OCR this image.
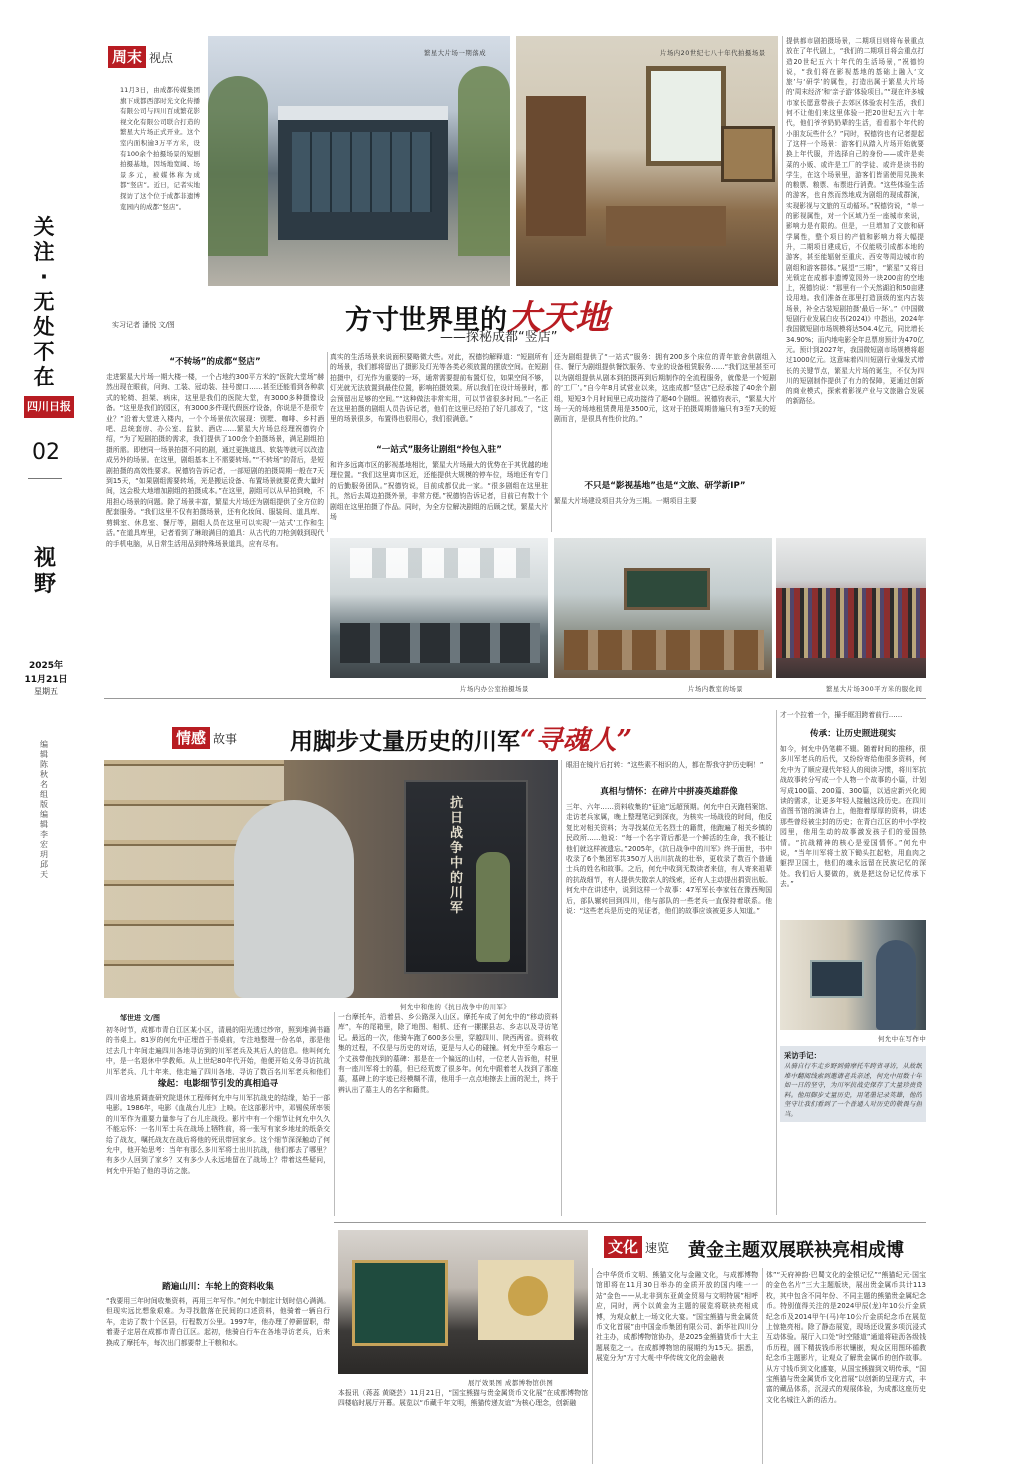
关注·无处不在
四川日报
02
视野
2025年
11月21日
星期五
编辑 陈秋名 组版编辑 李宏玥 邱天
周末 视点
11月3日，由成都传媒集团旗下成都西部时光文化传播有限公司与四川百成繁花影视文化有限公司联合打造的繁星大片场正式开业。这个室内面积逾3万平方米，设有100余个拍摄场景的短剧拍摄基地，因场地宽阔、场景多元，被媒体称为成都“竖店”。近日，记者实地探访了这个位于成都非遗博览园内的成都“竖店”。
实习记者 潘悦 文/图
繁星大片场一期落成	片场内20世纪七八十年代拍摄场景
方寸世界里的大天地
——探秘成都“竖店”
提供都市剧拍摄场景，二期项目则将布景重点放在了年代剧上，“我们的二期项目将会重点打造20世纪五六十年代的生活场景，”祝德钧说，“我们将在影视基地的基础上融入‘文旅’与‘研学’的属性，打造出属于繁星大片场的‘周末经济’和‘亲子游’体验项目。”“现在许多城市家长愿意带孩子去郊区体验农村生活，我们何不让他们来这里体验一把20世纪五六十年代，他们爷爷奶奶辈的生活，看看那个年代的小朋友玩些什么？”同时，祝德钧也有记者提起了这样一个场景：游客们从踏入片场开始就要换上年代服，并选择自己的身份——或许是卖菜的小贩、或许是工厂的学徒、或许是读书的学生，在这个场景里，游客们皆需使用兑换来的粮票、粮票、布票进行消费。“这些体验生活的游客，也自然而然地成为剧组的现成群演，实现影视与文旅的互动循环。”祝德钧说，“单一的影视属性，对一个区域乃至一座城市来说，影响力是有限的。但是，一旦增加了文旅和研学属性，整个项目的产值和影响力将大幅提升，二期项目建成后，不仅能吸引成都本地的游客，甚至能辐射至重庆、西安等周边城市的剧组和游客群体。”展望“三期”，“繁星”又将目光锁定在成都非遗博览园外一块200亩的空地上，祝德钧说：“那里有一个天然湖泊和50亩建设用地。我们准备在那里打造顶级的室内古装场景，补全古装短剧拍摄‘最后一环’。”《中国微短剧行业发展白皮书(2024)》中指出，2024年我国微短剧市场规模将达504.4亿元，同比增长34.90%；而内地电影全年总票房预计为470亿元。预计到2027年，我国微短剧市场规模将超过1000亿元。这意味着四川短剧行业爆发式增长的关键节点，繁星大片场的诞生，不仅为四川的短剧制作提供了有力的保障，更通过创新的商业模式，探索着影视产业与文旅融合发展的新路径。
“不转场”的成都“竖店”
走进繁星大片场一期大楼一楼，一个占地约300平方米的“医院大堂场”赫然出现在眼前，问询、工装、冠动装、挂号窗口……甚至还能看到各种款式的轮椅、担架、病床，这里是我们的医院大堂，有3000多种摄像设备。“这里是我们的园区，有3000多件现代假医疗设备，你说是不是很专业？”沿着大堂进入楼内，一个个场景依次展现：别墅、咖啡、乡村酒吧、总统套房、办公室、监狱、酒店……繁星大片场总经理祝德钧介绍，“为了短剧拍摄的需求，我们提供了100余个拍摄场景，满足剧组拍摄所需。即使同一场景拍摄不同的剧，通过更换道具、软装等就可以改造成另外的场景。在这里，剧组基本上不需要转场。”“不转场”的背后，是短剧拍摄的高效性要求。祝德钧告诉记者，一部短剧的拍摄周期一般在7天到15天，“如果剧组需要转场，光是搬运设备、布置场景就要花费大量时间，这会极大地增加剧组的拍摄成本。”在这里，剧组可以从早拍到晚，不用担心场景的问题。除了场景丰富，繁星大片场还为剧组提供了全方位的配套服务。“我们这里不仅有拍摄场景，还有化妆间、服装间、道具库、剪辑室、休息室、餐厅等，剧组人员在这里可以实现‘一站式’工作和生活。”在道具库里，记者看到了琳琅满目的道具：从古代的刀枪剑戟到现代的手机电脑，从日常生活用品到特殊场景道具，应有尽有。
真实的生活场景来说面积要略微大些。对此，祝德钧解释道：“短剧所有的场景，我们都将留出了摄影及灯光等各类必须放置的摆放空间。在短剧拍摄中，灯光作为重要的一环，通常需要提前布置灯位，如果空间不够，灯光就无法放置到最佳位置，影响拍摄效果。所以我们在设计场景时，都会预留出足够的空间。”“这种做法非常实用，可以节省很多时间。”一名正在这里拍摄的剧组人员告诉记者，他们在这里已经拍了好几部戏了，“这里的场景很多，布置得也很用心，我们很满意。”
“一站式”服务让剧组“拎包入驻”
和许多远离市区的影视基地相比，繁星大片场最大的优势在于其优越的地理位置。“我们这里离市区近，还能提供大规模的停车位，场地还有专门的后勤服务团队。”祝德钧说，目前成都仅此一家。“很多剧组在这里驻扎，然后去周边拍摄外景，非常方便。”祝德钧告诉记者，目前已有数十个剧组在这里拍摄了作品。同时，为全方位解决剧组的后顾之忧，繁星大片场
还为剧组提供了“一站式”服务：拥有200多个床位的青年旅舍供剧组入住、餐厅为剧组提供餐饮服务、专业的设备租赁服务……“我们这里甚至可以为剧组提供从剧本到拍摄再到后期制作的全流程服务，就像是一个短剧的‘工厂’。”自今年8月试营业以来，这座成都“竖店”已经承接了40余个剧组，短短3个月时间里已成功接待了超40个剧组。祝德钧表示，“繁星大片场一天的场地租赁费用是3500元，这对于拍摄周期普遍只有3至7天的短剧而言，是很具有性价比的。”
不只是“影视基地”也是“文旅、研学新IP”
繁星大片场建设项目共分为三期。一期项目主要
片场内办公室拍摄场景	片场内教室的场景	繁星大片场300平方米的服化间
情感 故事 用脚步丈量历史的川军“寻魂人”
抗日战争中的川军
何允中和他的《抗日战争中的川军》
眼泪在镜片后打转：“这些素不相识的人，都在帮我守护历史啊！”
真相与情怀：在碎片中拼凑英雄群像
三年、六年……资料收集的“征途”远超预期。何允中白天跑档案馆、走访老兵家属，晚上整理笔记到深夜，为核实一场战役的时间，他反复比对相关资料；为寻找某位无名烈士的籍贯，他跑遍了相关乡镇的民政所……他说：“每一个名字背后都是一个鲜活的生命，我不能让他们就这样被遗忘。”2005年，《抗日战争中的川军》终于面世，书中收录了6个集团军共350万人出川抗战的壮举，更收录了数百个普通士兵的姓名和故事。之后，何允中收到无数读者来信，有人寄来祖辈的抗战细节，有人提供失散亲人的线索，还有人主动提出捐资出版。何允中在讲述中，说到这样一个故事：47军军长李家钰在豫西殉国后，部队辗转回到四川，他与部队的一些老兵一直保持着联系。他说：“这些老兵是历史的见证者，他们的故事应该被更多人知道。”
才一个拉着一个，攥手眶泪跨着前行……
传承：让历史照进现实
如今，何允中仍笔耕不辍。随着时间的推移，很多川军老兵的后代，又纷纷寄给他很多资料，何允中为了顺应现代年轻人的阅读习惯，将川军抗战故事转分写成一个人物一个故事的小篇，计划写成100篇、200篇、300篇，以适应新兴化阅读的需求，让更多年轻人接触这段历史。在四川省图书馆的演讲台上，他抱着厚厚的资料，讲述那些曾经被尘封的历史；在青白江区的中小学校园里，他用生动的故事激发孩子们的爱国热情。“抗战精神的核心是爱国情怀。”何允中说，“当年川军将士放下锄头扛起枪，用血肉之躯捍卫国土，他们的魂永远留在民族记忆的深处。我们后人要做的，就是把这份记忆传承下去。”
何允中在写作中
采访手记：
从骑自行车走乡野到骑摩托车跨省寻访，从故纸堆中翻阅线索到邀请老兵亲述，何允中用数十年如一日的坚守，为川军抗战史保存了大量珍贵资料。他用脚步丈量历史，用笔墨记录英雄，他的坚守让我们看到了一个普通人对历史的敬畏与担当。
邹世进 文/图
初冬时节，成都市青白江区某小区，清晨的阳光透过纱帘，照到堆满书籍的书桌上。81岁的何允中正埋首于书桌前，专注地整理一份名单，那是他过去几十年间走遍四川各地寻访到的川军老兵及其后人的信息。他叫何允中，是一名退休中学教师。从上世纪80年代开始，他便开始义务寻访抗战川军老兵，几十年来，他走遍了四川各地，寻访了数百名川军老兵和他们
缘起：电影细节引发的真相追寻
四川省地质调查研究院退休工程师何允中与川军抗战史的结缘，始于一部电影。1986年，电影《血战台儿庄》上映。在这部影片中，邓锡侯所率领的川军作为重要力量参与了台儿庄战役。影片中有一个细节让何允中久久不能忘怀：一名川军士兵在战场上牺牲前，将一张写有家乡地址的纸条交给了战友，嘱托战友在战后将他的死讯带回家乡。这个细节深深触动了何允中，他开始思考：当年有那么多川军将士出川抗战，他们都去了哪里？有多少人回到了家乡？又有多少人永远地留在了战场上？带着这些疑问，何允中开始了他的寻访之旅。
踏遍山川：车轮上的资料收集
“我要用三年时间收集资料，再用三年写作。”何允中制定计划时信心满满。但现实远比想象艰难。为寻找散落在民间的口述资料，他骑着一辆自行车，走访了数十个区县，行程数万公里。1997年，他办理了停薪留职，带着妻子定居在成都市青白江区。起初，他骑自行车在各地寻访老兵，后来换成了摩托车，每次出门都要带上干粮和水。
一台摩托车，沿着县、乡公路深入山区。摩托车成了何允中的“移动资料库”，车的尾箱里，除了地图、相机、还有一摞摞县志、乡志以及寻访笔记。最远的一次，他骑车跑了600多公里，穿越四川、陕西两省。资料收集的过程，不仅是与历史的对话，更是与人心的碰撞。何允中至今难忘一个丈孩带他找到的墓碑：那是在一个偏远的山村，一位老人告诉他，村里有一座川军将士的墓，但已经荒废了很多年。何允中跟着老人找到了那座墓，墓碑上的字迹已经模糊不清，他用手一点点地擦去上面的泥土，终于辨认出了墓主人的名字和籍贯。
展厅效果图 成都博物馆供图
文化 速览 黄金主题双展联袂亮相成博
本报讯（蒋蕊 黄晓芸）11月21日，“国宝熊猫与贵金属货币文化展”在成都博物馆四楼临时展厅开幕。展览以“币藏千年文明，熊猫传递友谊”为核心理念，创新融
合中华货币文明、熊猫文化与金融文化，与成都博物馆即将在11月30日举办的金质开放的国内唯一一站“金色——从北非到东亚黄金贸易与文明特展”相呼应，同时，两个以黄金为主题的展览将联袂亮相成博，为观众献上一场文化大宴。“国宝熊猫与贵金属货币文化首展”由中国金币集团有限公司、新华社四川分社主办，成都博物馆协办，是2025金熊猫货币十大主题展览之一。在成都博物馆的展期约为15天。据悉，展览分为“方寸大观·中华传统文化的金融表
体”“天府神韵·巴蜀文化的金银记忆”“熊猫纪元·国宝的金色名片”三大主题版块，展出贵金属币共计113枚，其中包含不同年份、不同主题的熊猫贵金属纪念币。特别值得关注的是2024甲辰(龙)年10公斤金质纪念币及2014甲午(马)年10公斤金质纪念币在展览上惊艳亮相。除了静态展览，现场还设置多项沉浸式互动体验。展厅入口处“时空隧道”通道将硅沥各级钱币历程，圆下精拔钱币形状镶嵌，观众区用图环循教纪念币主题影片，让观众了解贵金属币的创作故事。从方寸钱币到文化盛宴，从国宝熊猫到文明传承，“国宝熊猫与贵金属货币文化首展”以创新的呈现方式，丰富的藏品体系，沉浸式的观展体验，为成都这座历史文化名城注入新的活力。
